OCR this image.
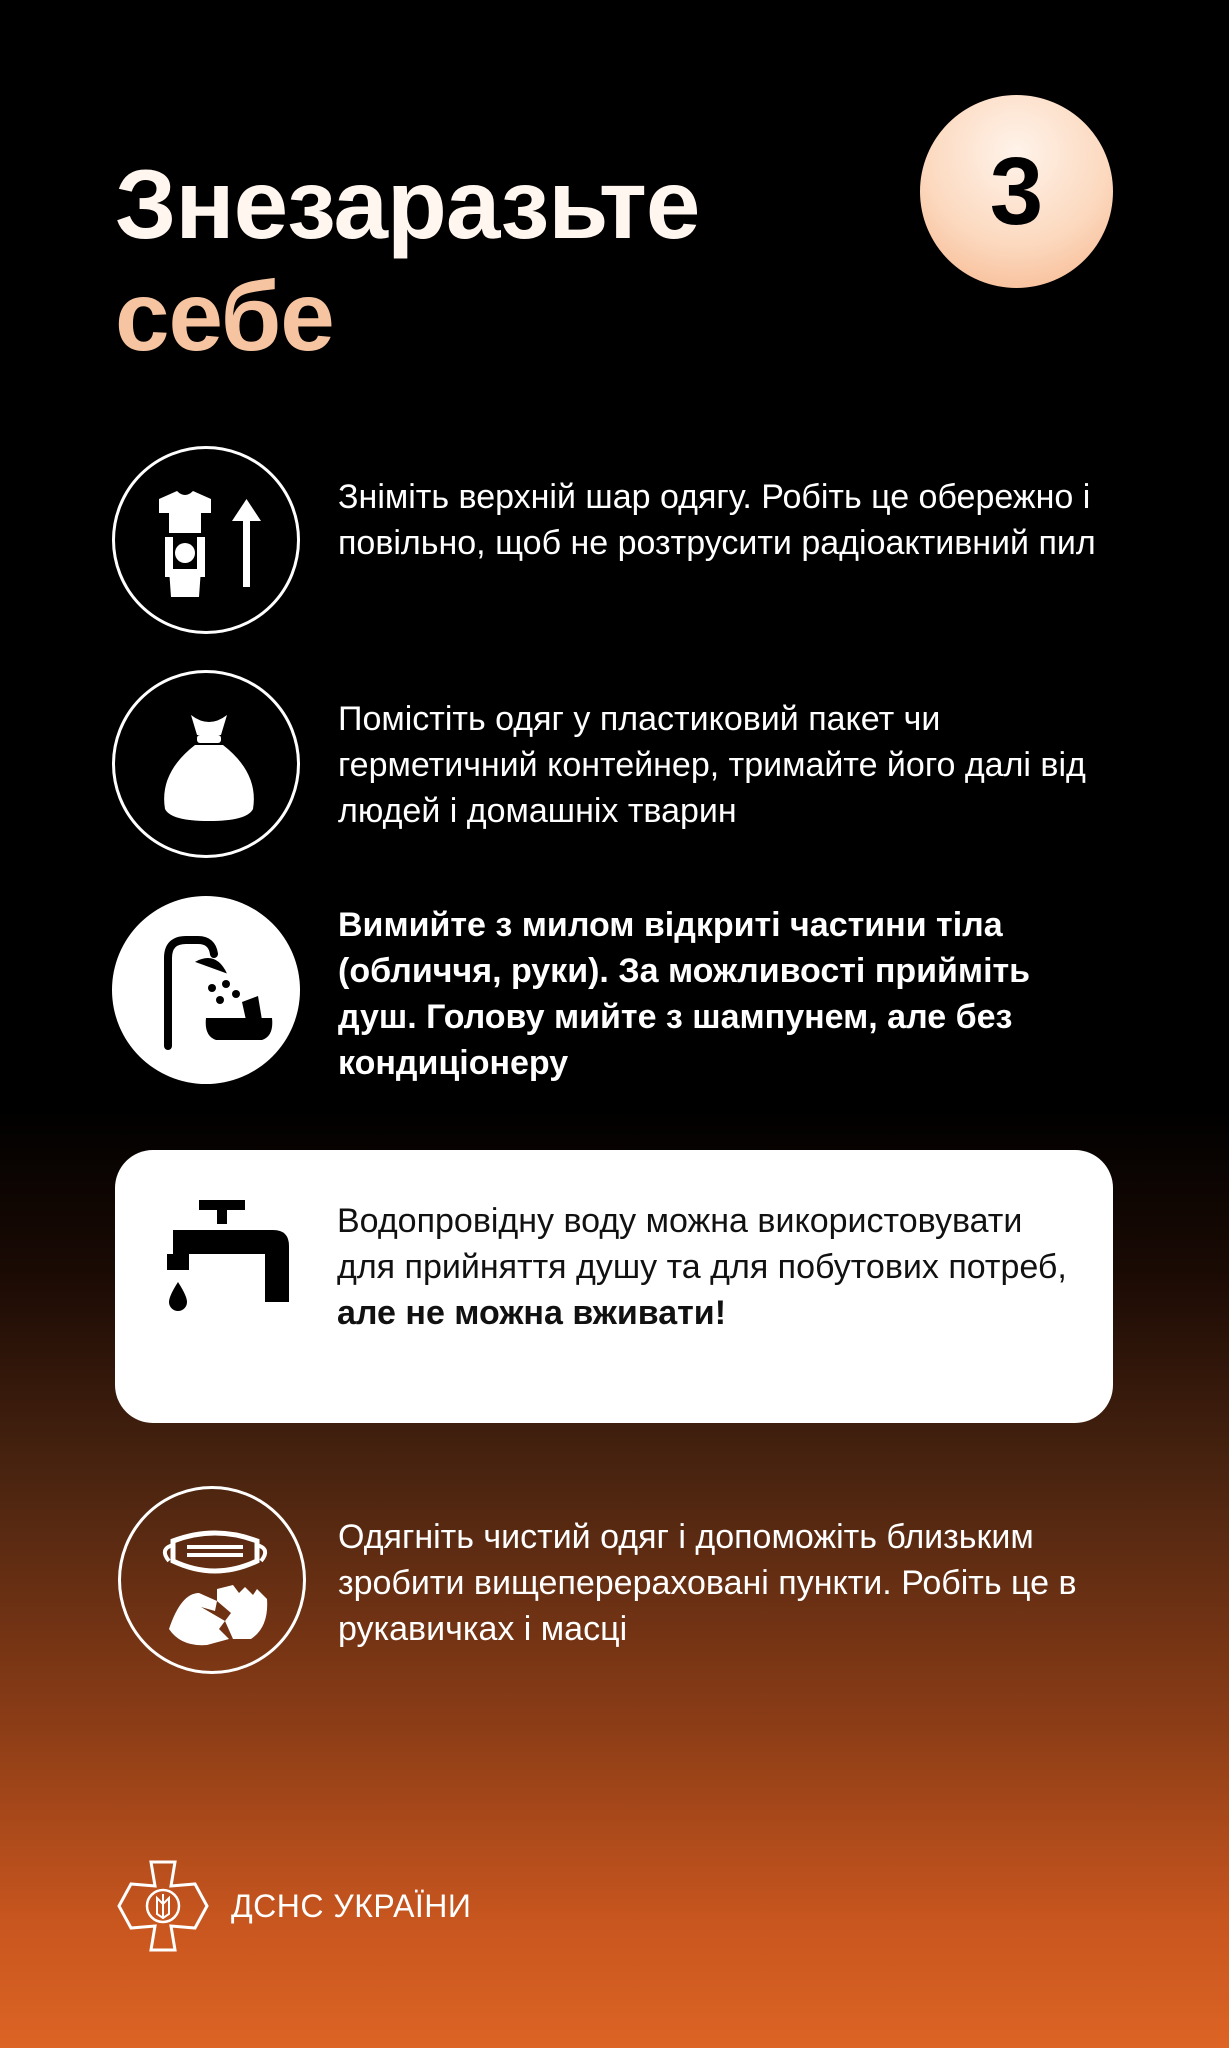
Знезаразьте
себе
3

Зніміть верхній шар одягу. Робіть це обережно і повільно, щоб не розтрусити радіоактивний пил

Помістіть одяг у пластиковий пакет чи герметичний контейнер, тримайте його далі від людей і домашніх тварин

Вимийте з милом відкриті частини тіла (обличчя, руки). За можливості прийміть душ. Голову мийте з шампунем, але без кондиціонеру

Водопровідну воду можна використовувати для прийняття душу та для побутових потреб,
але не можна вживати!

Одягніть чистий одяг і допоможіть близьким зробити вищеперераховані пункти. Робіть це в рукавичках і масці

ДСНС УКРАЇНИ
